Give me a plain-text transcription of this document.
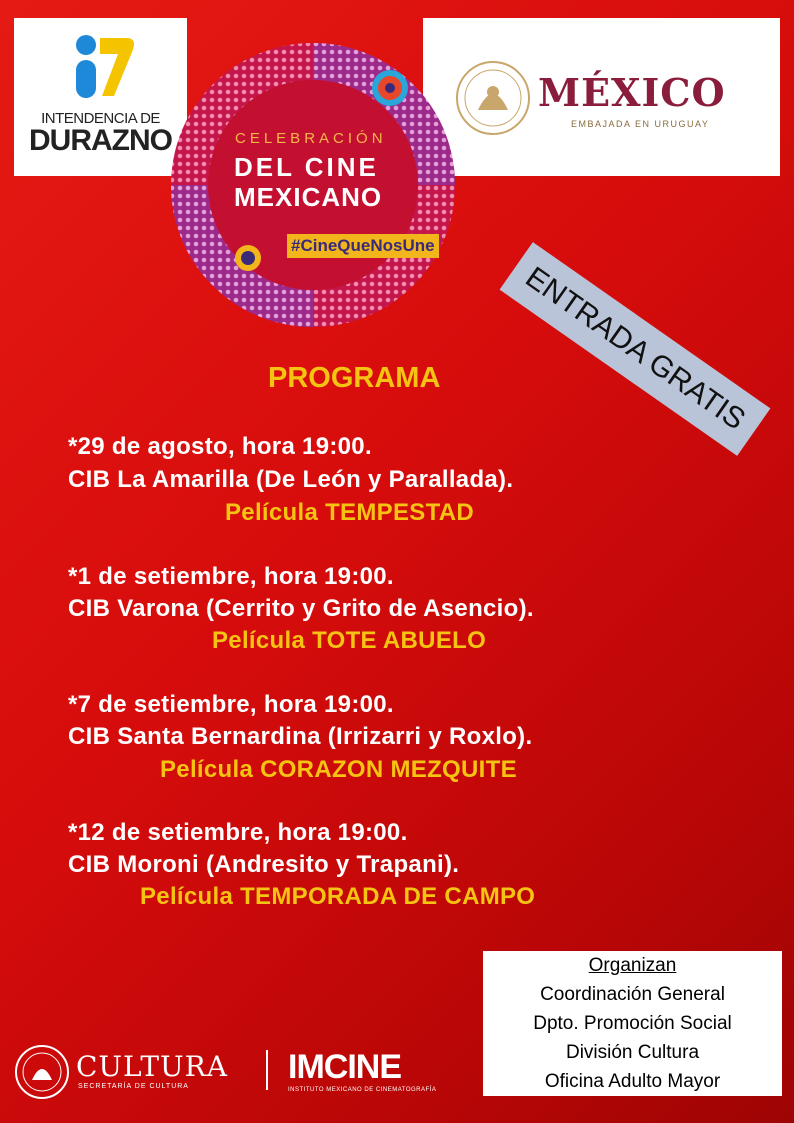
INTENDENCIA DE
DURAZNO
MÉXICO
EMBAJADA EN URUGUAY
CELEBRACIÓN
DEL CINE
MEXICANO
#CineQueNosUne
ENTRADA GRATIS
PROGRAMA
*29 de agosto, hora 19:00.
CIB La Amarilla (De León y Parallada).
Película TEMPESTAD
*1 de setiembre, hora 19:00.
CIB Varona (Cerrito y Grito de Asencio).
Película TOTE ABUELO
*7 de setiembre, hora 19:00.
CIB Santa Bernardina (Irrizarri y Roxlo).
Película CORAZON MEZQUITE
*12 de setiembre, hora 19:00.
CIB Moroni (Andresito y Trapani).
Película TEMPORADA DE CAMPO
Organizan
Coordinación General
Dpto. Promoción Social
División Cultura
Oficina Adulto Mayor
CULTURA
SECRETARÍA DE CULTURA
IMCINE
INSTITUTO MEXICANO DE CINEMATOGRAFÍA
